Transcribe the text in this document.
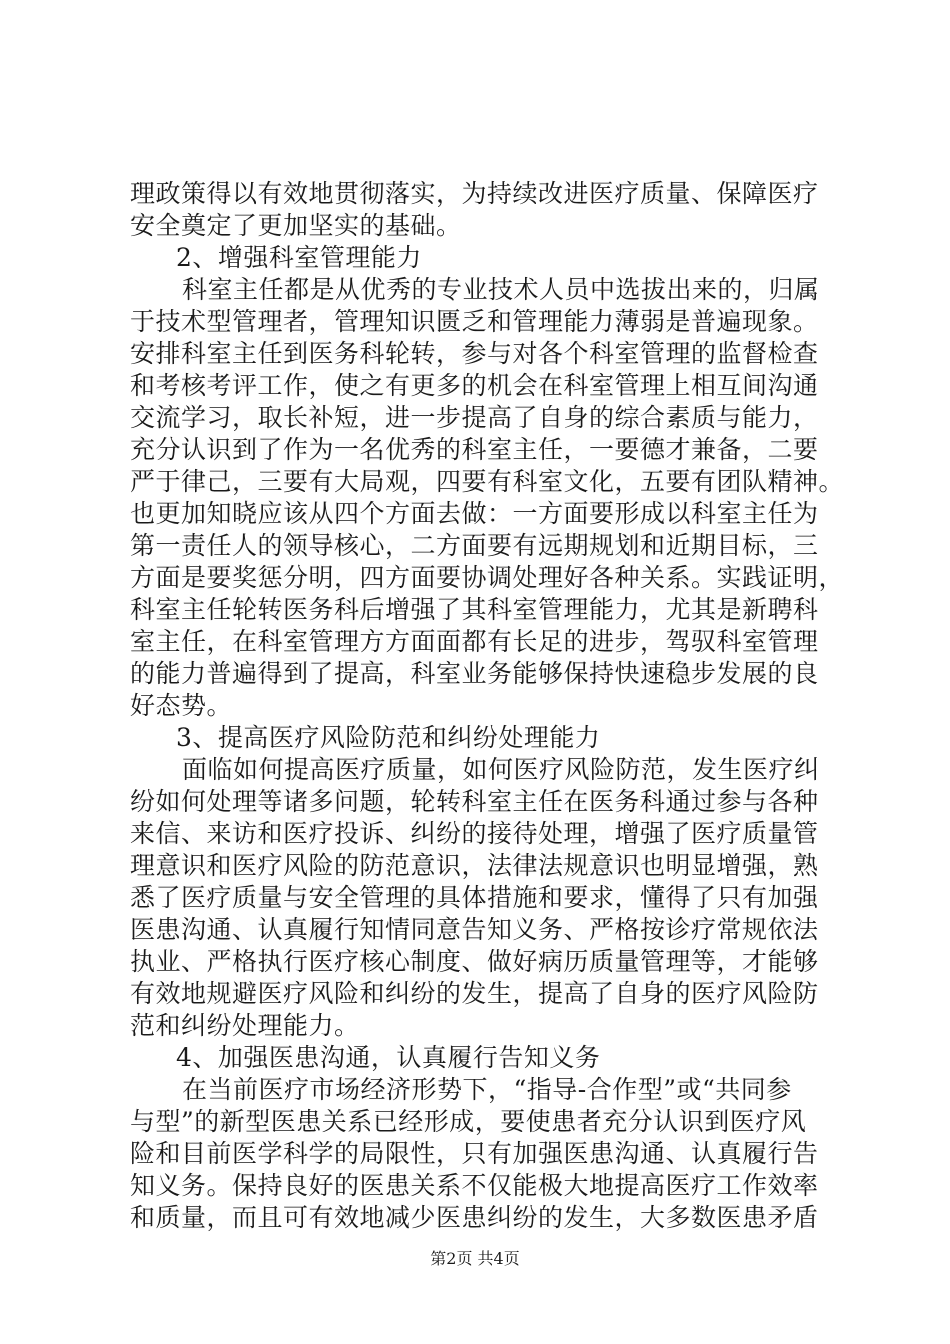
理政策得以有效地贯彻落实，为持续改进医疗质量、保障医疗
安全奠定了更加坚实的基础。
2、增强科室管理能力
科室主任都是从优秀的专业技术人员中选拔出来的，归属
于技术型管理者，管理知识匮乏和管理能力薄弱是普遍现象。
安排科室主任到医务科轮转，参与对各个科室管理的监督检查
和考核考评工作，使之有更多的机会在科室管理上相互间沟通
交流学习，取长补短，进一步提高了自身的综合素质与能力，
充分认识到了作为一名优秀的科室主任，一要德才兼备，二要
严于律己，三要有大局观，四要有科室文化，五要有团队精神。
也更加知晓应该从四个方面去做：一方面要形成以科室主任为
第一责任人的领导核心，二方面要有远期规划和近期目标，三
方面是要奖惩分明，四方面要协调处理好各种关系。实践证明，
科室主任轮转医务科后增强了其科室管理能力，尤其是新聘科
室主任，在科室管理方方面面都有长足的进步，驾驭科室管理
的能力普遍得到了提高，科室业务能够保持快速稳步发展的良
好态势。
3、提高医疗风险防范和纠纷处理能力
面临如何提高医疗质量，如何医疗风险防范，发生医疗纠
纷如何处理等诸多问题，轮转科室主任在医务科通过参与各种
来信、来访和医疗投诉、纠纷的接待处理，增强了医疗质量管
理意识和医疗风险的防范意识，法律法规意识也明显增强，熟
悉了医疗质量与安全管理的具体措施和要求，懂得了只有加强
医患沟通、认真履行知情同意告知义务、严格按诊疗常规依法
执业、严格执行医疗核心制度、做好病历质量管理等，才能够
有效地规避医疗风险和纠纷的发生，提高了自身的医疗风险防
范和纠纷处理能力。
4、加强医患沟通，认真履行告知义务
在当前医疗市场经济形势下，“指导-合作型”或“共同参
与型”的新型医患关系已经形成，要使患者充分认识到医疗风
险和目前医学科学的局限性，只有加强医患沟通、认真履行告
知义务。保持良好的医患关系不仅能极大地提高医疗工作效率
和质量，而且可有效地减少医患纠纷的发生，大多数医患矛盾
第2页 共4页
